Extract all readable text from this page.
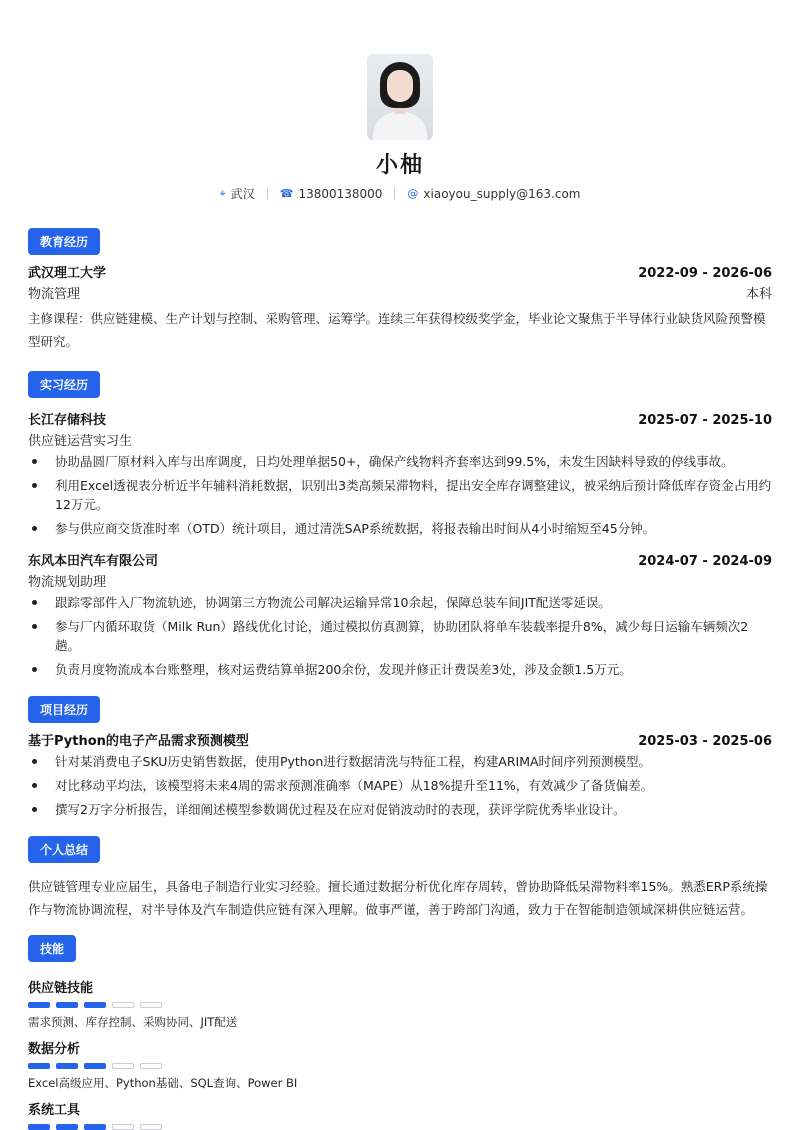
小柚
⌖ 武汉 ☎ 13800138000 @ xiaoyou_supply@163.com
教育经历
武汉理工大学	2022-09 - 2026-06
物流管理	本科
主修课程：供应链建模、生产计划与控制、采购管理、运筹学。连续三年获得校级奖学金，毕业论文聚焦于半导体行业缺货风险预警模型研究。
实习经历
长江存储科技	2025-07 - 2025-10
供应链运营实习生
协助晶圆厂原材料入库与出库调度，日均处理单据50+，确保产线物料齐套率达到99.5%，未发生因缺料导致的停线事故。
利用Excel透视表分析近半年辅料消耗数据，识别出3类高频呆滞物料，提出安全库存调整建议，被采纳后预计降低库存资金占用约12万元。
参与供应商交货准时率（OTD）统计项目，通过清洗SAP系统数据，将报表输出时间从4小时缩短至45分钟。
东风本田汽车有限公司	2024-07 - 2024-09
物流规划助理
跟踪零部件入厂物流轨迹，协调第三方物流公司解决运输异常10余起，保障总装车间JIT配送零延误。
参与厂内循环取货（Milk Run）路线优化讨论，通过模拟仿真测算，协助团队将单车装载率提升8%，减少每日运输车辆频次2趟。
负责月度物流成本台账整理，核对运费结算单据200余份，发现并修正计费误差3处，涉及金额1.5万元。
项目经历
基于Python的电子产品需求预测模型	2025-03 - 2025-06
针对某消费电子SKU历史销售数据，使用Python进行数据清洗与特征工程，构建ARIMA时间序列预测模型。
对比移动平均法，该模型将未来4周的需求预测准确率（MAPE）从18%提升至11%，有效减少了备货偏差。
撰写2万字分析报告，详细阐述模型参数调优过程及在应对促销波动时的表现，获评学院优秀毕业设计。
个人总结
供应链管理专业应届生，具备电子制造行业实习经验。擅长通过数据分析优化库存周转，曾协助降低呆滞物料率15%。熟悉ERP系统操作与物流协调流程，对半导体及汽车制造供应链有深入理解。做事严谨，善于跨部门沟通，致力于在智能制造领域深耕供应链运营。
技能
供应链技能
需求预测、库存控制、采购协同、JIT配送
数据分析
Excel高级应用、Python基础、SQL查询、Power BI
系统工具
